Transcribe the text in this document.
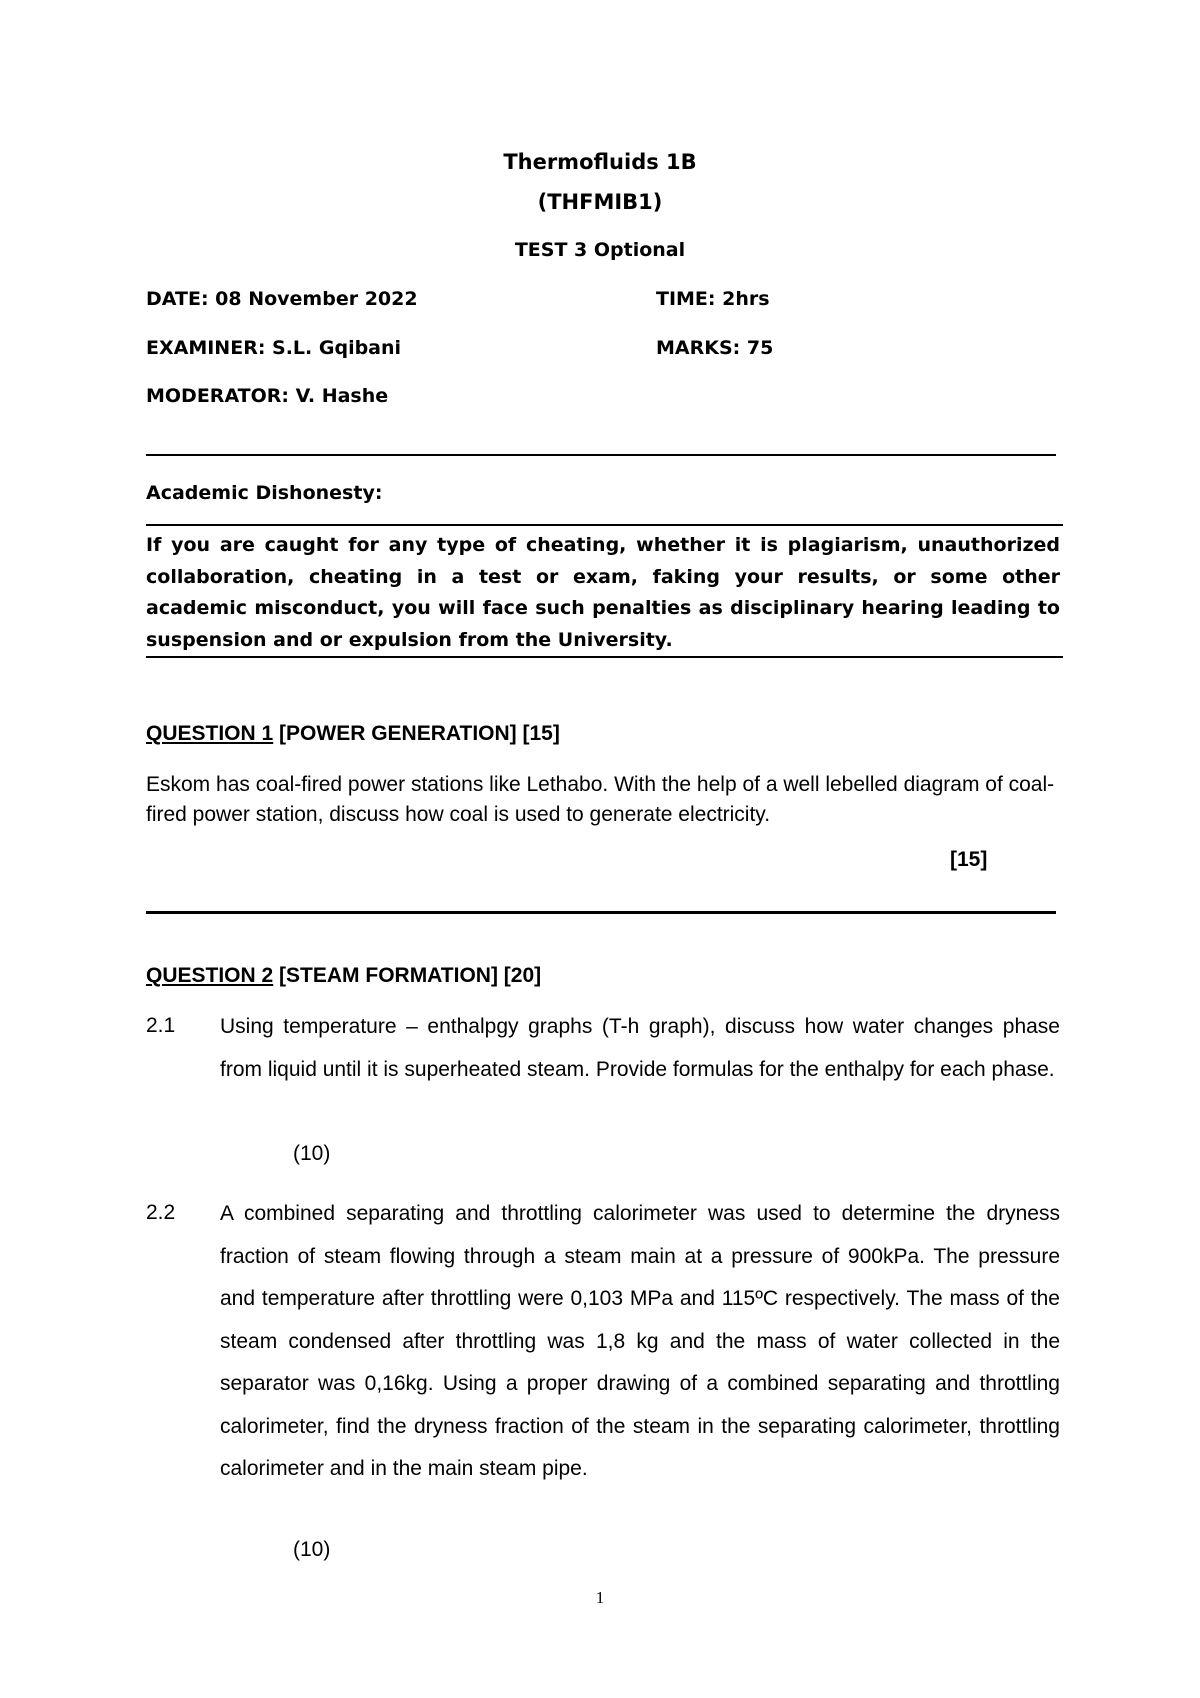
Thermofluids 1B
(THFMIB1)
TEST 3 Optional
DATE: 08 November 2022	TIME: 2hrs
EXAMINER: S.L. Gqibani	MARKS: 75
MODERATOR: V. Hashe
Academic Dishonesty:
If you are caught for any type of cheating, whether it is plagiarism, unauthorized collaboration, cheating in a test or exam, faking your results, or some other academic misconduct, you will face such penalties as disciplinary hearing leading to suspension and or expulsion from the University.
QUESTION 1 [POWER GENERATION] [15]
Eskom has coal-fired power stations like Lethabo. With the help of a well lebelled diagram of coal-fired power station, discuss how coal is used to generate electricity.
[15]
QUESTION 2 [STEAM FORMATION] [20]
2.1 Using temperature – enthalpgy graphs (T-h graph), discuss how water changes phase from liquid until it is superheated steam. Provide formulas for the enthalpy for each phase.
(10)
2.2 A combined separating and throttling calorimeter was used to determine the dryness fraction of steam flowing through a steam main at a pressure of 900kPa. The pressure and temperature after throttling were 0,103 MPa and 115ºC respectively. The mass of the steam condensed after throttling was 1,8 kg and the mass of water collected in the separator was 0,16kg. Using a proper drawing of a combined separating and throttling calorimeter, find the dryness fraction of the steam in the separating calorimeter, throttling calorimeter and in the main steam pipe.
(10)
1
